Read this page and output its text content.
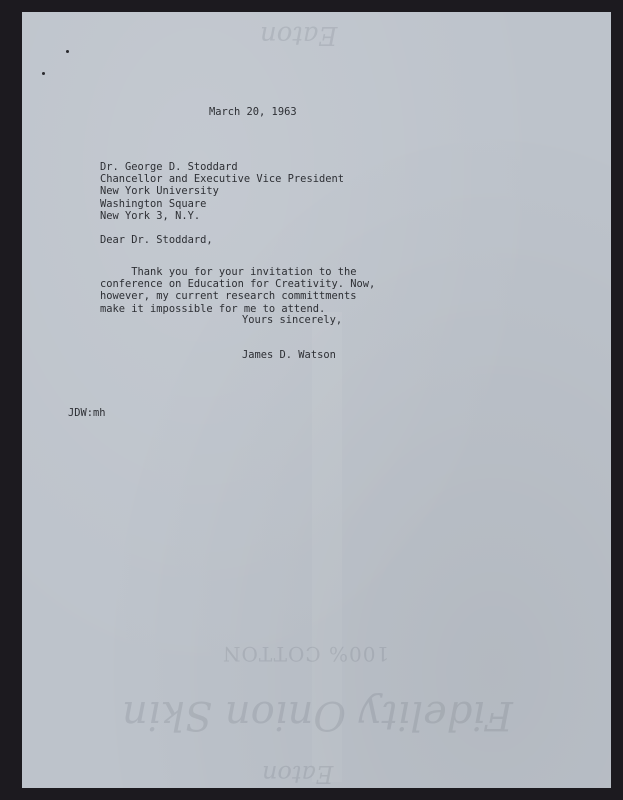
Eaton
100% COTTON
Fidelity Onion Skin
Eaton
March 20, 1963
Dr. George D. Stoddard
Chancellor and Executive Vice President
New York University
Washington Square
New York 3, N.Y.
Dear Dr. Stoddard,
Thank you for your invitation to the
conference on Education for Creativity. Now,
however, my current research committments
make it impossible for me to attend.
Yours sincerely,
James D. Watson
JDW:mh
